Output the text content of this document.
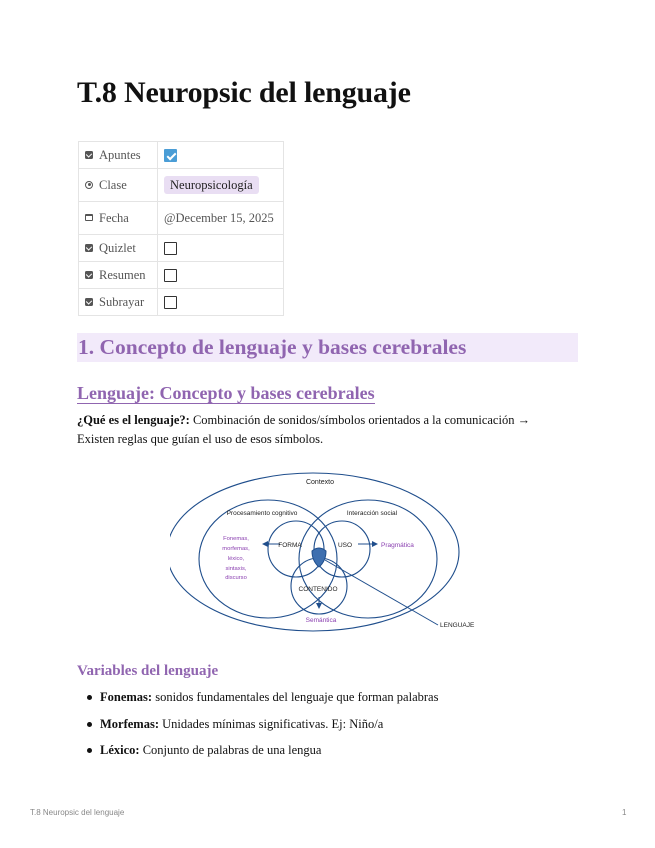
T.8 Neuropsic del lenguaje
Apuntes	
Clase	Neuropsicología
Fecha	@December 15, 2025
Quizlet	
Resumen	
Subrayar	
1. Concepto de lenguaje y bases cerebrales
Lenguaje: Concepto y bases cerebrales

¿Qué es el lenguaje?: Combinación de sonidos/símbolos orientados a la comunicación → Existen reglas que guían el uso de esos símbolos.

Contexto
Procesamiento cognitivo	Interacción social
FORMA	USO
CONTENIDO
Pragmática
Semántica
LENGUAJE
Fonemas,
morfemas,
léxico,
sintaxis,
discurso
Variables del lenguaje
Fonemas: sonidos fundamentales del lenguaje que forman palabras
Morfemas: Unidades mínimas significativas. Ej: Niño/a
Léxico: Conjunto de palabras de una lengua
T.8 Neuropsic del lenguaje	1
